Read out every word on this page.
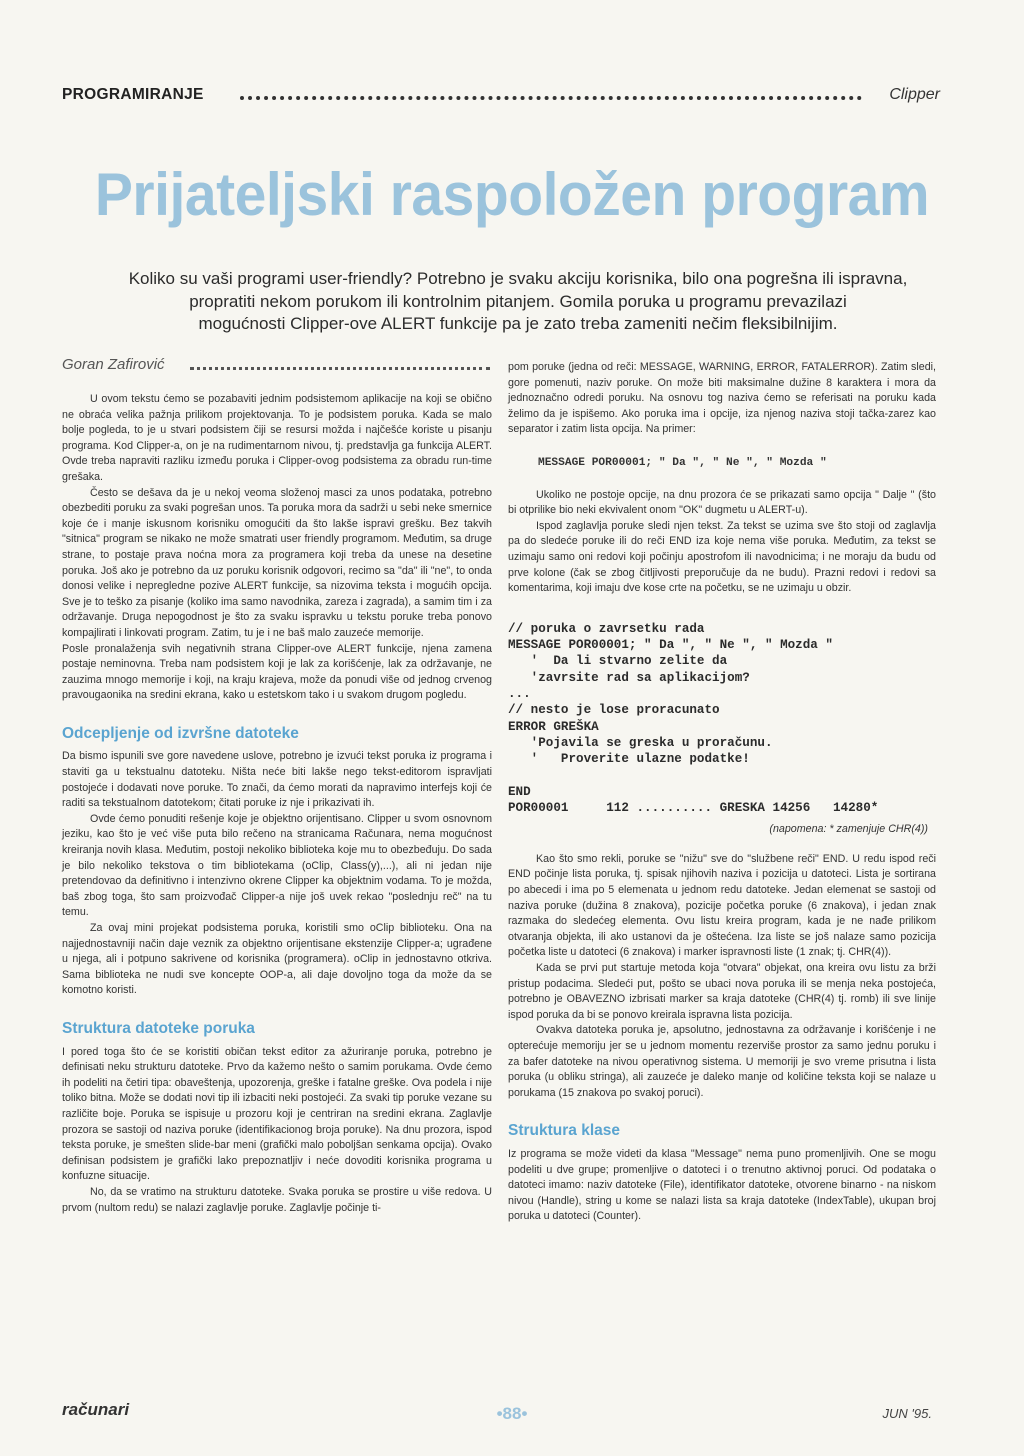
PROGRAMIRANJE	Clipper
Prijateljski raspoložen program

Koliko su vaši programi user-friendly? Potrebno je svaku akciju korisnika, bilo ona pogrešna ili ispravna,

propratiti nekom porukom ili kontrolnim pitanjem. Gomila poruka u programu prevazilazi

mogućnosti Clipper-ove ALERT funkcije pa je zato treba zameniti nečim fleksibilnijim.

Goran Zafirović

U ovom tekstu ćemo se pozabaviti jednim podsistemom aplikacije na koji se obično ne obraća velika pažnja prilikom projektovanja. To je podsistem poruka. Kada se malo bolje pogleda, to je u stvari podsistem čiji se resursi možda i najčešće koriste u pisanju programa. Kod Clipper-a, on je na rudimentarnom nivou, tj. predstavlja ga funkcija ALERT. Ovde treba napraviti razliku između poruka i Clipper-ovog podsistema za obradu run-time grešaka.

Često se dešava da je u nekoj veoma složenoj masci za unos podataka, potrebno obezbediti poruku za svaki pogrešan unos. Ta poruka mora da sadrži u sebi neke smernice koje će i manje iskusnom korisniku omogućiti da što lakše ispravi grešku. Bez takvih "sitnica" program se nikako ne može smatrati user friendly programom. Međutim, sa druge strane, to postaje prava noćna mora za programera koji treba da unese na desetine poruka. Još ako je potrebno da uz poruku korisnik odgovori, recimo sa "da" ili "ne", to onda donosi velike i nepregledne pozive ALERT funkcije, sa nizovima teksta i mogućih opcija. Sve je to teško za pisanje (koliko ima samo navodnika, zareza i zagrada), a samim tim i za održavanje. Druga nepogodnost je što za svaku ispravku u tekstu poruke treba ponovo kompajlirati i linkovati program. Zatim, tu je i ne baš malo zauzeće memorije.

Posle pronalaženja svih negativnih strana Clipper-ove ALERT funkcije, njena zamena postaje neminovna. Treba nam podsistem koji je lak za korišćenje, lak za održavanje, ne zauzima mnogo memorije i koji, na kraju krajeva, može da ponudi više od jednog crvenog pravougaonika na sredini ekrana, kako u estetskom tako i u svakom drugom pogledu.

Odcepljenje od izvršne datoteke

Da bismo ispunili sve gore navedene uslove, potrebno je izvući tekst poruka iz programa i staviti ga u tekstualnu datoteku. Ništa neće biti lakše nego tekst-editorom ispravljati postojeće i dodavati nove poruke. To znači, da ćemo morati da napravimo interfejs koji će raditi sa tekstualnom datotekom; čitati poruke iz nje i prikazivati ih.

Ovde ćemo ponuditi rešenje koje je objektno orijentisano. Clipper u svom osnovnom jeziku, kao što je već više puta bilo rečeno na stranicama Računara, nema mogućnost kreiranja novih klasa. Međutim, postoji nekoliko biblioteka koje mu to obezbeđuju. Do sada je bilo nekoliko tekstova o tim bibliotekama (oClip, Class(y),...), ali ni jedan nije pretendovao da definitivno i intenzivno okrene Clipper ka objektnim vodama. To je možda, baš zbog toga, što sam proizvođač Clipper-a nije još uvek rekao "poslednju reč" na tu temu.

Za ovaj mini projekat podsistema poruka, koristili smo oClip biblioteku. Ona na najjednostavniji način daje veznik za objektno orijentisane ekstenzije Clipper-a; ugrađene u njega, ali i potpuno sakrivene od korisnika (programera). oClip in jednostavno otkriva. Sama biblioteka ne nudi sve koncepte OOP-a, ali daje dovoljno toga da može da se komotno koristi.

Struktura datoteke poruka

I pored toga što će se koristiti običan tekst editor za ažuriranje poruka, potrebno je definisati neku strukturu datoteke. Prvo da kažemo nešto o samim porukama. Ovde ćemo ih podeliti na četiri tipa: obaveštenja, upozorenja, greške i fatalne greške. Ova podela i nije toliko bitna. Može se dodati novi tip ili izbaciti neki postojeći. Za svaki tip poruke vezane su različite boje. Poruka se ispisuje u prozoru koji je centriran na sredini ekrana. Zaglavlje prozora se sastoji od naziva poruke (identifikacionog broja poruke). Na dnu prozora, ispod teksta poruke, je smešten slide-bar meni (grafički malo poboljšan senkama opcija). Ovako definisan podsistem je grafički lako prepoznatljiv i neće dovoditi korisnika programa u konfuzne situacije.

No, da se vratimo na strukturu datoteke. Svaka poruka se prostire u više redova. U prvom (nultom redu) se nalazi zaglavlje poruke. Zaglavlje počinje ti-

pom poruke (jedna od reči: MESSAGE, WARNING, ERROR, FATALERROR). Zatim sledi, gore pomenuti, naziv poruke. On može biti maksimalne dužine 8 karaktera i mora da jednoznačno odredi poruku. Na osnovu tog naziva ćemo se referisati na poruku kada želimo da je ispišemo. Ako poruka ima i opcije, iza njenog naziva stoji tačka-zarez kao separator i zatim lista opcija. Na primer:

MESSAGE POR00001; " Da ", " Ne ", " Mozda "

Ukoliko ne postoje opcije, na dnu prozora će se prikazati samo opcija " Dalje " (što bi otprilike bio neki ekvivalent onom "OK" dugmetu u ALERT-u).

Ispod zaglavlja poruke sledi njen tekst. Za tekst se uzima sve što stoji od zaglavlja pa do sledeće poruke ili do reči END iza koje nema više poruka. Međutim, za tekst se uzimaju samo oni redovi koji počinju apostrofom ili navodnicima; i ne moraju da budu od prve kolone (čak se zbog čitljivosti preporučuje da ne budu). Prazni redovi i redovi sa komentarima, koji imaju dve kose crte na početku, se ne uzimaju u obzir.

// poruka o zavrsetku rada
MESSAGE POR00001; " Da ", " Ne ", " Mozda "
'  Da li stvarno zelite da
'zavrsite rad sa aplikacijom?
...
// nesto je lose proracunato
ERROR GREŠKA
'Pojavila se greska u proračunu.
'   Proverite ulazne podatke!

END
POR00001     112 .......... GRESKA 14256   14280*
(napomena: * zamenjuje CHR(4))

Kao što smo rekli, poruke se "nižu" sve do "službene reči" END. U redu ispod reči END počinje lista poruka, tj. spisak njihovih naziva i pozicija u datoteci. Lista je sortirana po abecedi i ima po 5 elemenata u jednom redu datoteke. Jedan elemenat se sastoji od naziva poruke (dužina 8 znakova), pozicije početka poruke (6 znakova), i jedan znak razmaka do sledećeg elementa. Ovu listu kreira program, kada je ne nađe prilikom otvaranja objekta, ili ako ustanovi da je oštećena. Iza liste se još nalaze samo pozicija početka liste u datoteci (6 znakova) i marker ispravnosti liste (1 znak; tj. CHR(4)).

Kada se prvi put startuje metoda koja "otvara" objekat, ona kreira ovu listu za brži pristup podacima. Sledeći put, pošto se ubaci nova poruka ili se menja neka postojeća, potrebno je OBAVEZNO izbrisati marker sa kraja datoteke (CHR(4) tj. romb) ili sve linije ispod poruka da bi se ponovo kreirala ispravna lista pozicija.

Ovakva datoteka poruka je, apsolutno, jednostavna za održavanje i korišćenje i ne opterećuje memoriju jer se u jednom momentu rezerviše prostor za samo jednu poruku i za bafer datoteke na nivou operativnog sistema. U memoriji je svo vreme prisutna i lista poruka (u obliku stringa), ali zauzeće je daleko manje od količine teksta koji se nalaze u porukama (15 znakova po svakoj poruci).

Struktura klase

Iz programa se može videti da klasa "Message" nema puno promenljivih. One se mogu podeliti u dve grupe; promenljive o datoteci i o trenutno aktivnoj poruci. Od podataka o datoteci imamo: naziv datoteke (File), identifikator datoteke, otvorene binarno - na niskom nivou (Handle), string u kome se nalazi lista sa kraja datoteke (IndexTable), ukupan broj poruka u datoteci (Counter).

računari	•88•	JUN '95.
